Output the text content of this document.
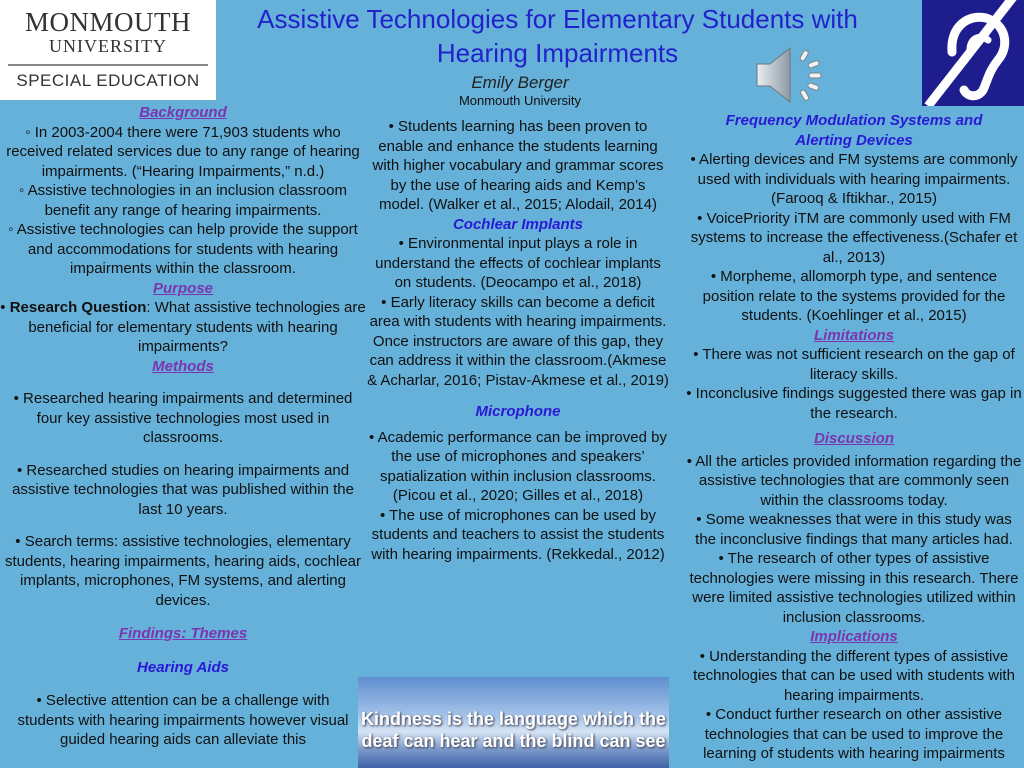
MONMOUTH
UNIVERSITY
SPECIAL EDUCATION
Assistive Technologies for Elementary Students with Hearing Impairments
Emily Berger
Monmouth University
Background
◦ In 2003-2004 there were 71,903 students who received related services due to any range of hearing impairments. (“Hearing Impairments,” n.d.)
◦ Assistive technologies in an inclusion classroom benefit any range of hearing impairments.
◦ Assistive technologies can help provide the support and accommodations for students with hearing impairments within the classroom.
Purpose
• Research Question: What assistive technologies are beneficial for elementary students with hearing impairments?
Methods
• Researched hearing impairments and determined four key assistive technologies most used in classrooms.
• Researched studies on hearing impairments and assistive technologies that was published within the last 10 years.
• Search terms: assistive technologies, elementary students, hearing impairments, hearing aids, cochlear implants, microphones, FM systems, and alerting devices.
Findings: Themes
Hearing Aids
• Selective attention can be a challenge with students with hearing impairments however visual guided hearing aids can alleviate this
• Students learning has been proven to enable and enhance the students learning with higher vocabulary and grammar scores by the use of hearing aids and Kemp’s model. (Walker et al., 2015; Alodail, 2014)
Cochlear Implants
• Environmental input plays a role in understand the effects of cochlear implants on students. (Deocampo et al., 2018)
• Early literacy skills can become a deficit area with students with hearing impairments. Once instructors are aware of this gap, they can address it within the classroom.(Akmese & Acharlar, 2016; Pistav-Akmese et al., 2019)
Microphone
• Academic performance can be improved by the use of microphones and speakers’ spatialization within inclusion classrooms. (Picou et al., 2020; Gilles et al., 2018)
• The use of microphones can be used by students and teachers to assist the students with hearing impairments. (Rekkedal., 2012)
Kindness is the language which the deaf can hear and the blind can see
Frequency Modulation Systems and Alerting Devices
• Alerting devices and FM systems are commonly used with individuals with hearing impairments. (Farooq & Iftikhar., 2015)
• VoicePriority iTM are commonly used with FM systems to increase the effectiveness.(Schafer et al., 2013)
• Morpheme, allomorph type, and sentence position relate to the systems provided for the students. (Koehlinger et al., 2015)
Limitations
• There was not sufficient research on the gap of literacy skills.
• Inconclusive findings suggested there was gap in the research.
Discussion
• All the articles provided information regarding the assistive technologies that are commonly seen within the classrooms today.
• Some weaknesses that were in this study was the inconclusive findings that many articles had.
• The research of other types of assistive technologies were missing in this research. There were limited assistive technologies utilized within inclusion classrooms.
Implications
• Understanding the different types of assistive technologies that can be used with students with hearing impairments.
• Conduct further research on other assistive technologies that can be used to improve the learning of students with hearing impairments
